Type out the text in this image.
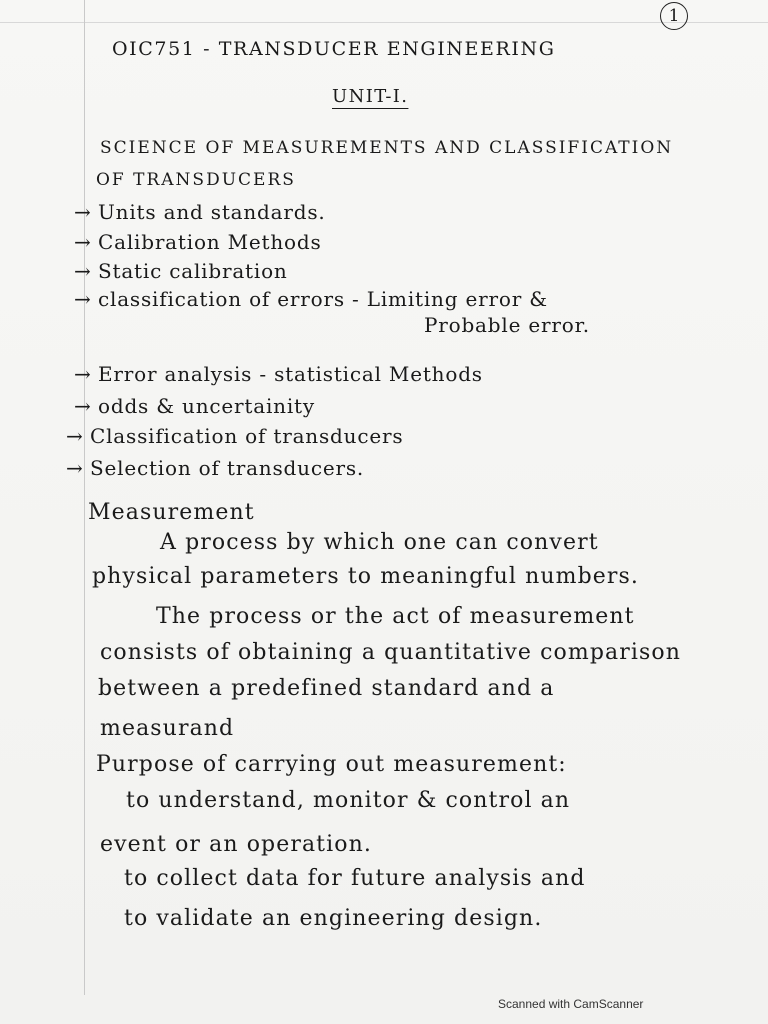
1
OIC751 - TRANSDUCER ENGINEERING
UNIT-I.
SCIENCE OF MEASUREMENTS AND CLASSIFICATION
OF TRANSDUCERS
→ Units and standards.
→ Calibration Methods
→ Static calibration
→ classification of errors - Limiting error &
Probable error.
→ Error analysis - statistical Methods
→ odds & uncertainity
→ Classification of transducers
→ Selection of transducers.
Measurement
A process by which one can convert
physical parameters to meaningful numbers.
The process or the act of measurement
consists of obtaining a quantitative comparison
between a predefined standard and a
measurand
Purpose of carrying out measurement:
to understand, monitor & control an
event or an operation.
to collect data for future analysis and
to validate an engineering design.
Scanned with CamScanner
